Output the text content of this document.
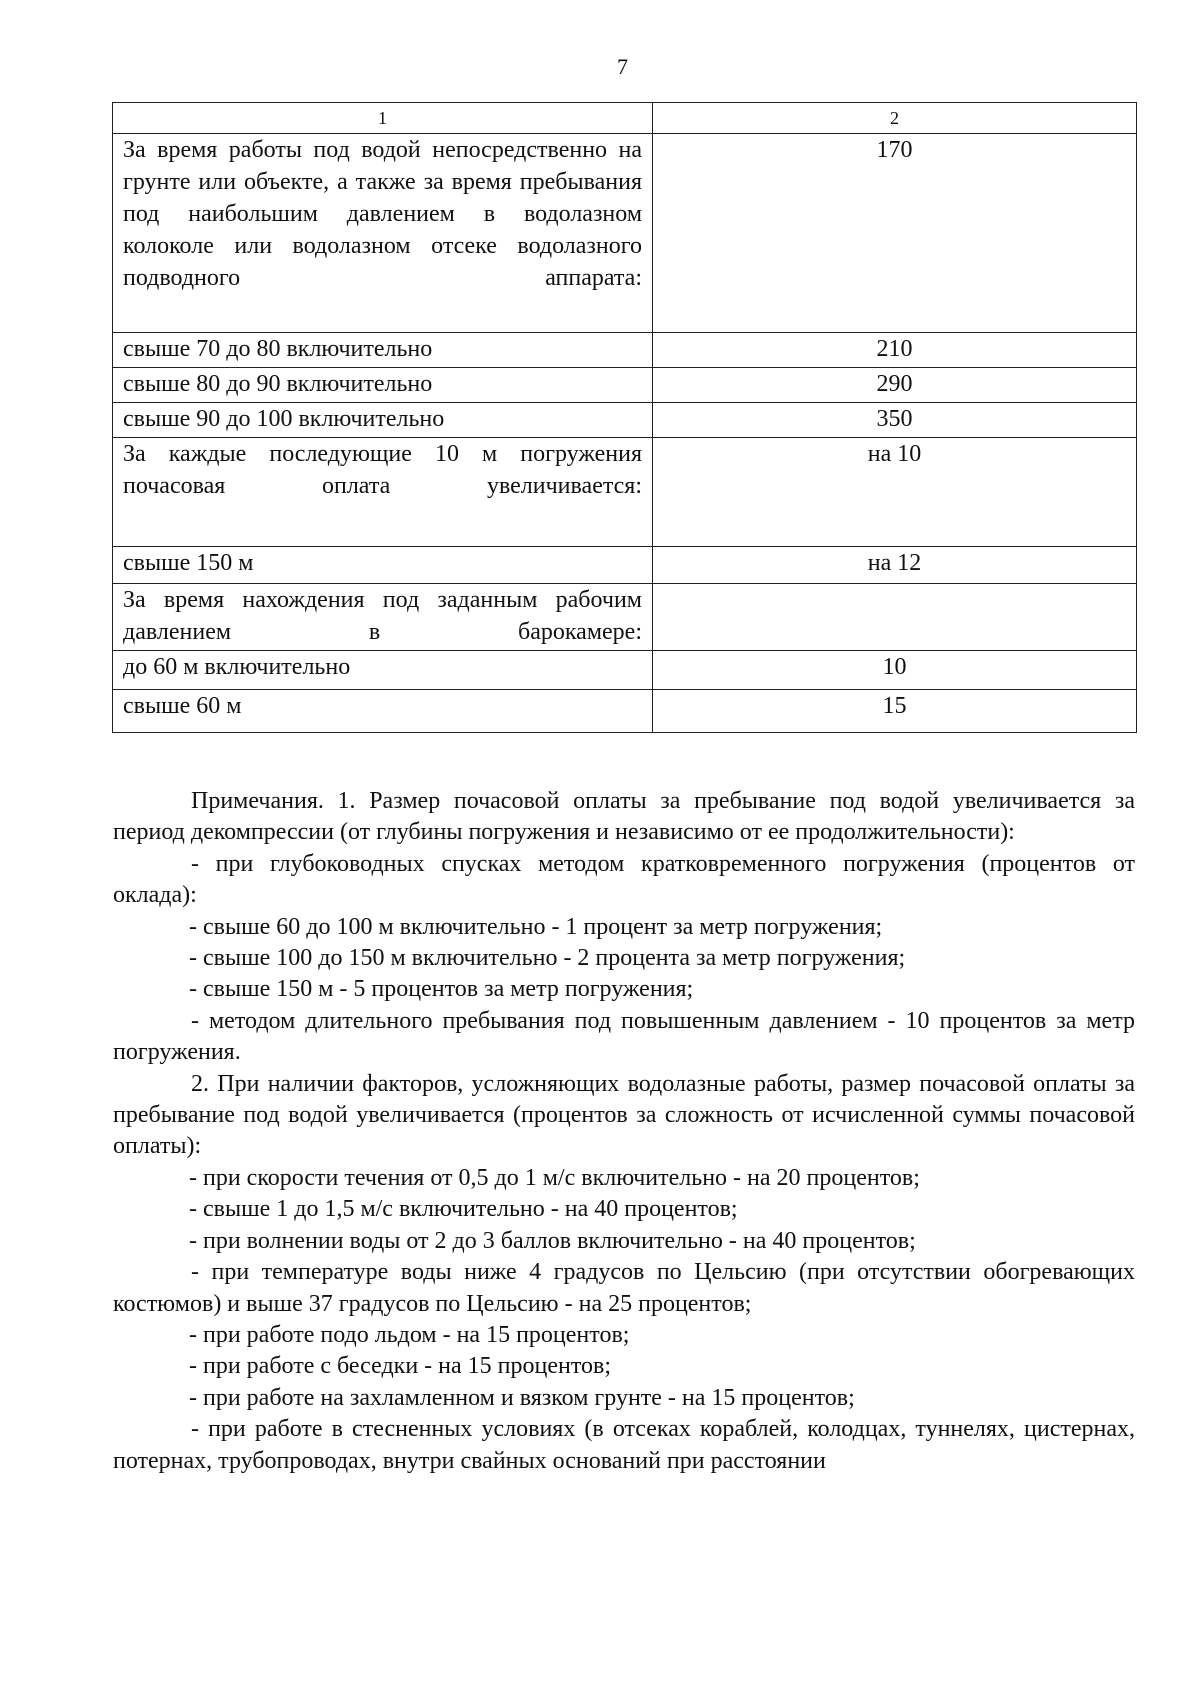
7
1	2
За время работы под водой непосредственно на грунте или объекте, а также за время пребывания под наибольшим давлением в водолазном колоколе или водолазном отсеке водолазного подводного аппарата:	170
свыше 70 до 80 включительно	210
свыше 80 до 90 включительно	290
свыше 90 до 100 включительно	350
За каждые последующие 10 м погружения почасовая оплата увеличивается:	на 10
свыше 150 м	на 12
За время нахождения под заданным рабочим давлением в барокамере:	
до 60 м включительно	10
свыше 60 м	15

Примечания. 1. Размер почасовой оплаты за пребывание под водой увеличивается за период декомпрессии (от глубины погружения и независимо от ее продолжительности):

- при глубоководных спусках методом кратковременного погружения (процентов от оклада):

- свыше 60 до 100 м включительно - 1 процент за метр погружения;

- свыше 100 до 150 м включительно - 2 процента за метр погружения;

- свыше 150 м - 5 процентов за метр погружения;

- методом длительного пребывания под повышенным давлением - 10 процентов за метр погружения.

2. При наличии факторов, усложняющих водолазные работы, размер почасовой оплаты за пребывание под водой увеличивается (процентов за сложность от исчисленной суммы почасовой оплаты):

- при скорости течения от 0,5 до 1 м/с включительно - на 20 процентов;

- свыше 1 до 1,5 м/с включительно - на 40 процентов;

- при волнении воды от 2 до 3 баллов включительно - на 40 процентов;

- при температуре воды ниже 4 градусов по Цельсию (при отсутствии обогревающих костюмов) и выше 37 градусов по Цельсию - на 25 процентов;

- при работе подо льдом - на 15 процентов;

- при работе с беседки - на 15 процентов;

- при работе на захламленном и вязком грунте - на 15 процентов;

- при работе в стесненных условиях (в отсеках кораблей, колодцах, туннелях, цистернах, потернах, трубопроводах, внутри свайных оснований при расстоянии
